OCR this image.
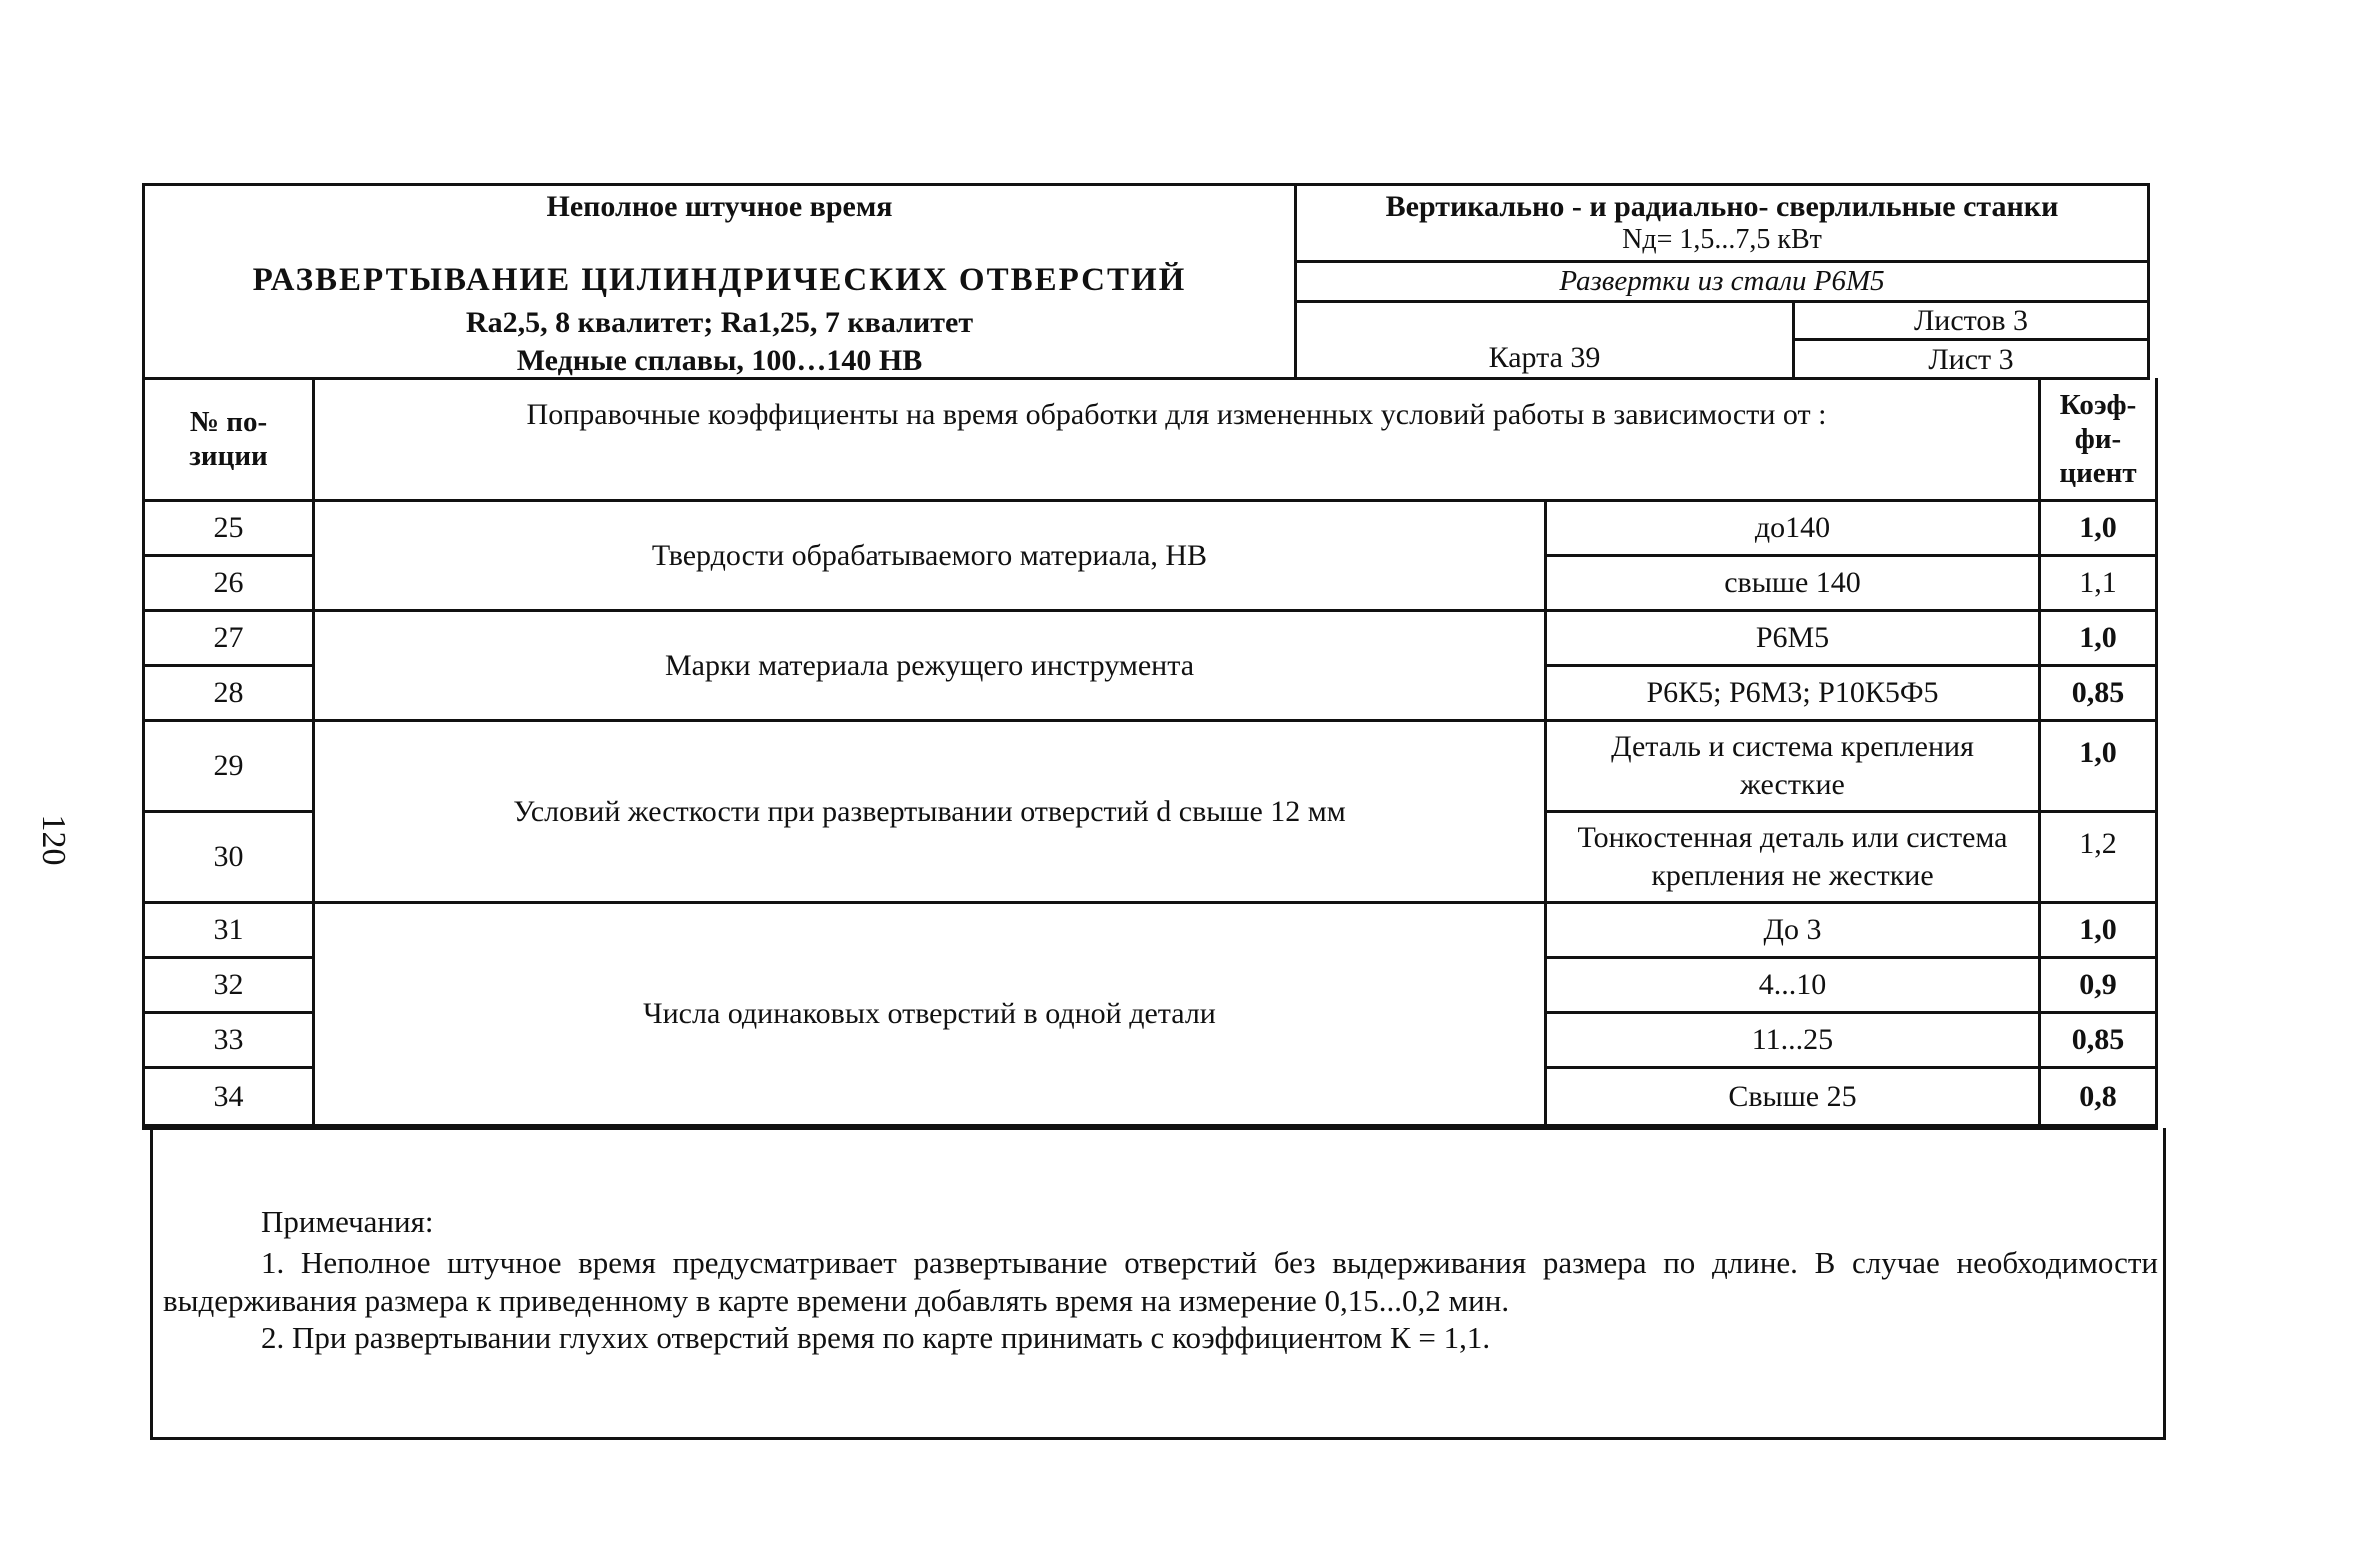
120
Неполное штучное время
РАЗВЕРТЫВАНИЕ ЦИЛИНДРИЧЕСКИХ ОТВЕРСТИЙ
Ra2,5, 8 квалитет; Ra1,25, 7 квалитет
Медные сплавы, 100…140 HB
Вертикально - и радиально- сверлильные станки
Nд= 1,5...7,5 кВт
Развертки из стали Р6М5
Карта 39
Листов 3
Лист 3
№ по-
зиции
Поправочные коэффициенты на время обработки для измененных условий работы в зависимости от :	Коэф-
фи-
циент
25
26
Твердости обрабатываемого материала, НВ
до140
свыше 140
1,0
1,1
27
28
Марки материала режущего инструмента
Р6М5
Р6К5; Р6М3; Р10К5Ф5
1,0
0,85
29
30
Условий жесткости при развертывании отверстий d свыше 12 мм
Деталь и система крепления жесткие
Тонкостенная деталь или система крепления не жесткие
1,0
1,2
31
32
33
34
Числа одинаковых отверстий в одной детали
До 3
4...10
11...25
Свыше 25
1,0
0,9
0,85
0,8
Примечания:
1. Неполное штучное время предусматривает развертывание отверстий без выдерживания размера по длине. В случае необходимости выдерживания размера к приведенному в карте времени добавлять время на измерение 0,15...0,2 мин.
2. При развертывании глухих отверстий время по карте принимать с коэффициентом К = 1,1.
